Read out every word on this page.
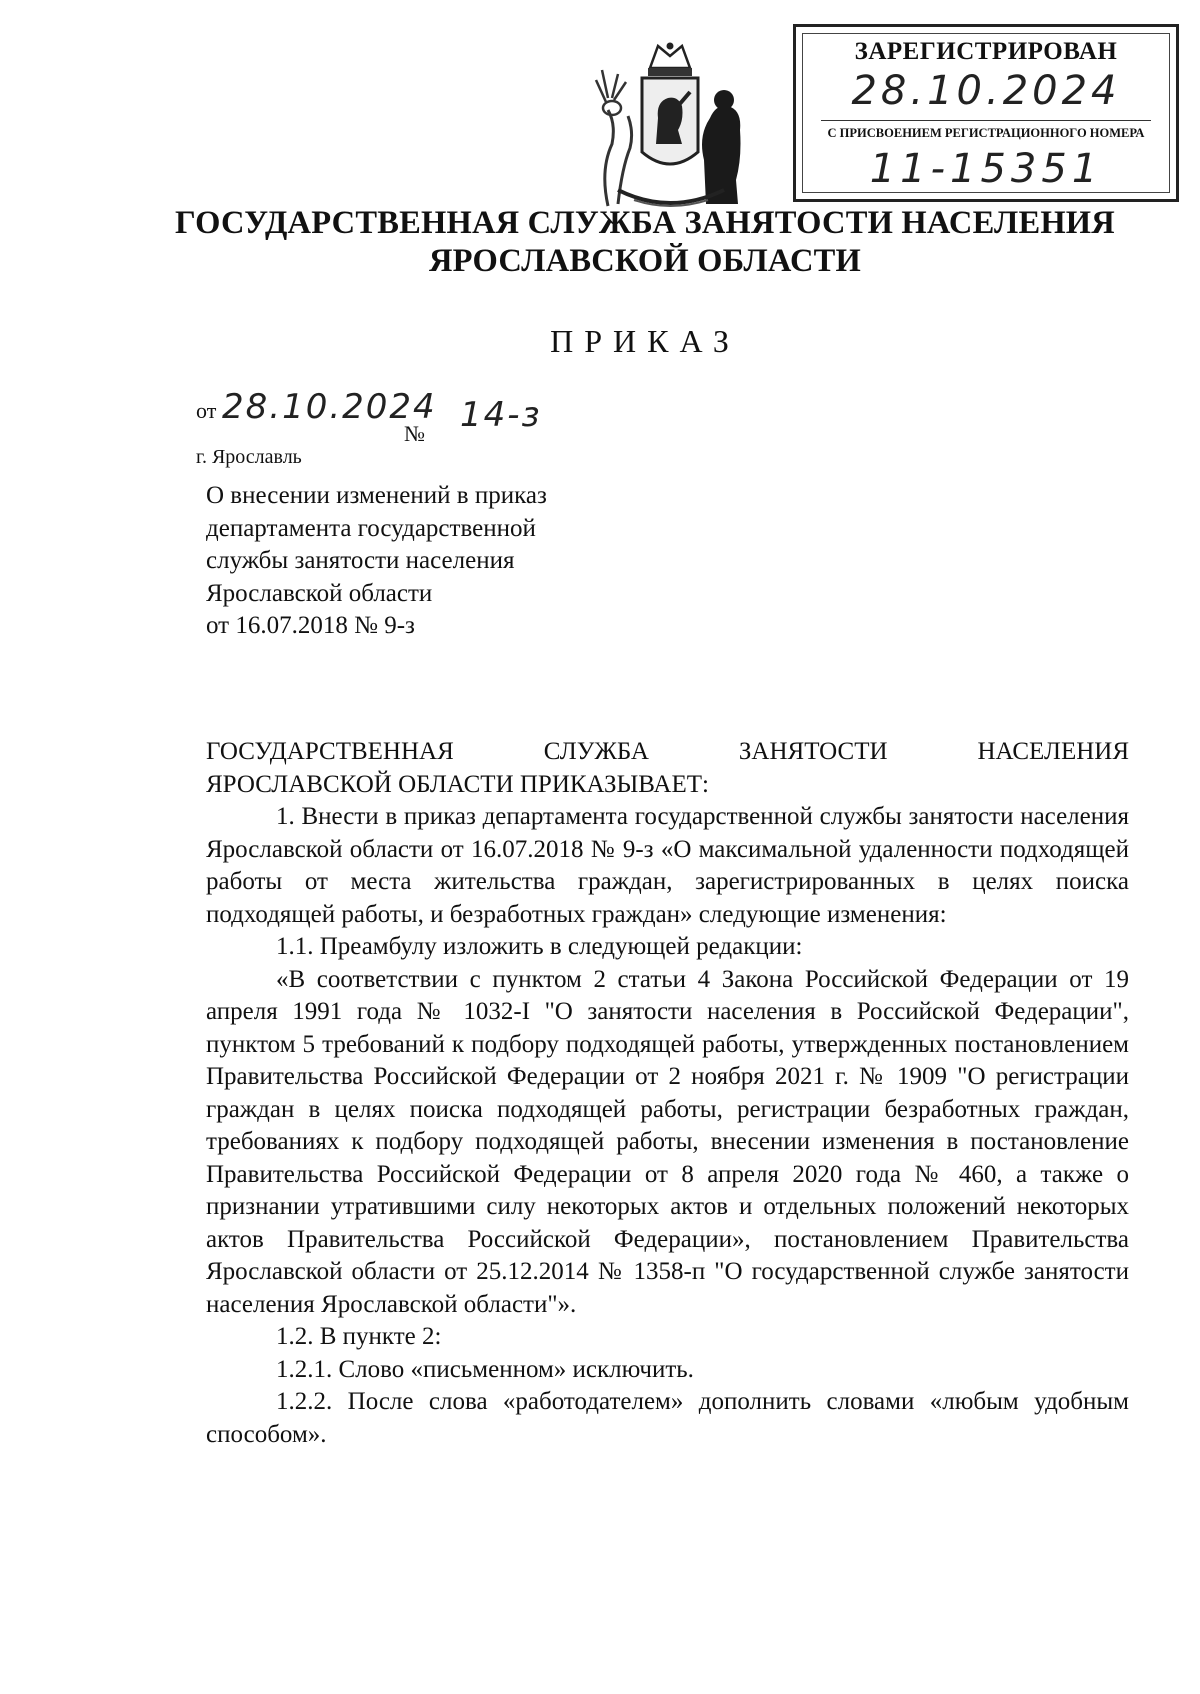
ЗАРЕГИСТРИРОВАН
28.10.2024
С ПРИСВОЕНИЕМ РЕГИСТРАЦИОННОГО НОМЕРА
11-15351
ГОСУДАРСТВЕННАЯ СЛУЖБА ЗАНЯТОСТИ НАСЕЛЕНИЯ
ЯРОСЛАВСКОЙ ОБЛАСТИ
ПРИКАЗ
от 28.10.2024
№ 14-з
г. Ярославль
О внесении изменений в приказ
департамента государственной
службы занятости населения
Ярославской области
от 16.07.2018 № 9-з

ГОСУДАРСТВЕННАЯ СЛУЖБА ЗАНЯТОСТИ НАСЕЛЕНИЯ

ЯРОСЛАВСКОЙ ОБЛАСТИ ПРИКАЗЫВАЕТ:

1. Внести в приказ департамента государственной службы занятости населения Ярославской области от 16.07.2018 № 9-з «О максимальной удаленности подходящей работы от места жительства граждан, зарегистрированных в целях поиска подходящей работы, и безработных граждан» следующие изменения:

1.1. Преамбулу изложить в следующей редакции:

«В соответствии с пунктом 2 статьи 4 Закона Российской Федерации от 19 апреля 1991 года № 1032-I "О занятости населения в Российской Федерации", пунктом 5 требований к подбору подходящей работы, утвержденных постановлением Правительства Российской Федерации от 2 ноября 2021 г. № 1909 "О регистрации граждан в целях поиска подходящей работы, регистрации безработных граждан, требованиях к подбору подходящей работы, внесении изменения в постановление Правительства Российской Федерации от 8 апреля 2020 года № 460, а также о признании утратившими силу некоторых актов и отдельных положений некоторых актов Правительства Российской Федерации», постановлением Правительства Ярославской области от 25.12.2014 № 1358-п "О государственной службе занятости населения Ярославской области"».

1.2. В пункте 2:

1.2.1. Слово «письменном» исключить.

1.2.2. После слова «работодателем» дополнить словами «любым удобным способом».
